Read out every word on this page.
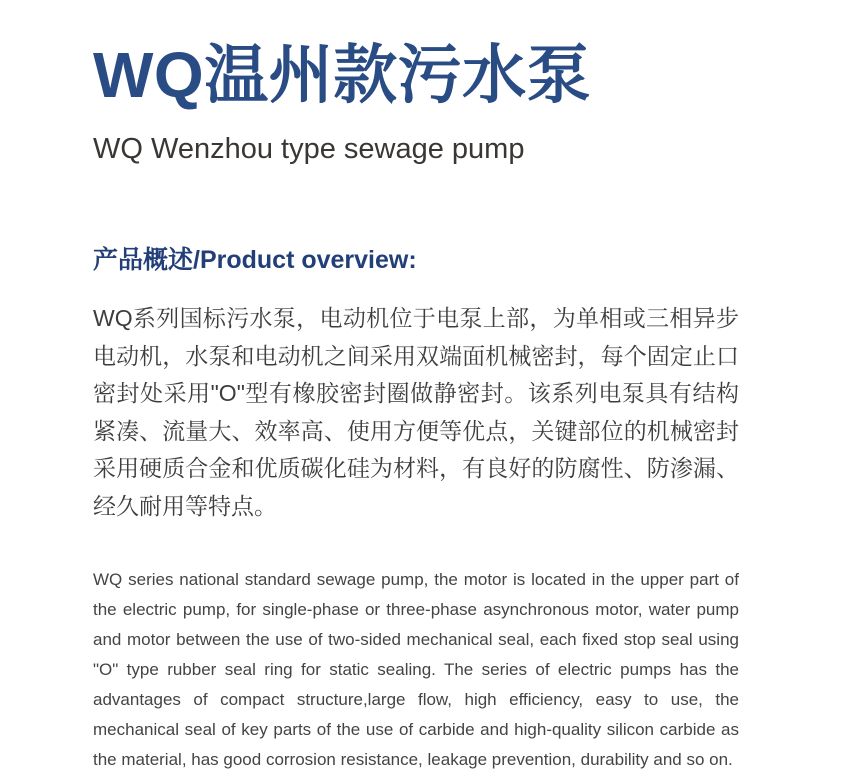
WQ温州款污水泵

WQ Wenzhou type sewage pump

产品概述/Product overview:

WQ系列国标污水泵，电动机位于电泵上部，为单相或三相异步电动机，水泵和电动机之间采用双端面机械密封，每个固定止口密封处采用"O"型有橡胶密封圈做静密封。该系列电泵具有结构紧凑、流量大、效率高、使用方便等优点，关键部位的机械密封采用硬质合金和优质碳化硅为材料，有良好的防腐性、防渗漏、经久耐用等特点。

WQ series national standard sewage pump, the motor is located in the upper part of the electric pump, for single-phase or three-phase asynchronous motor, water pump and motor between the use of two-sided mechanical seal, each fixed stop seal using "O" type rubber seal ring for static sealing. The series of electric pumps has the advantages of compact structure,large flow, high efficiency, easy to use, the mechanical seal of key parts of the use of carbide and high-quality silicon carbide as the material, has good corrosion resistance, leakage prevention, durability and so on.
